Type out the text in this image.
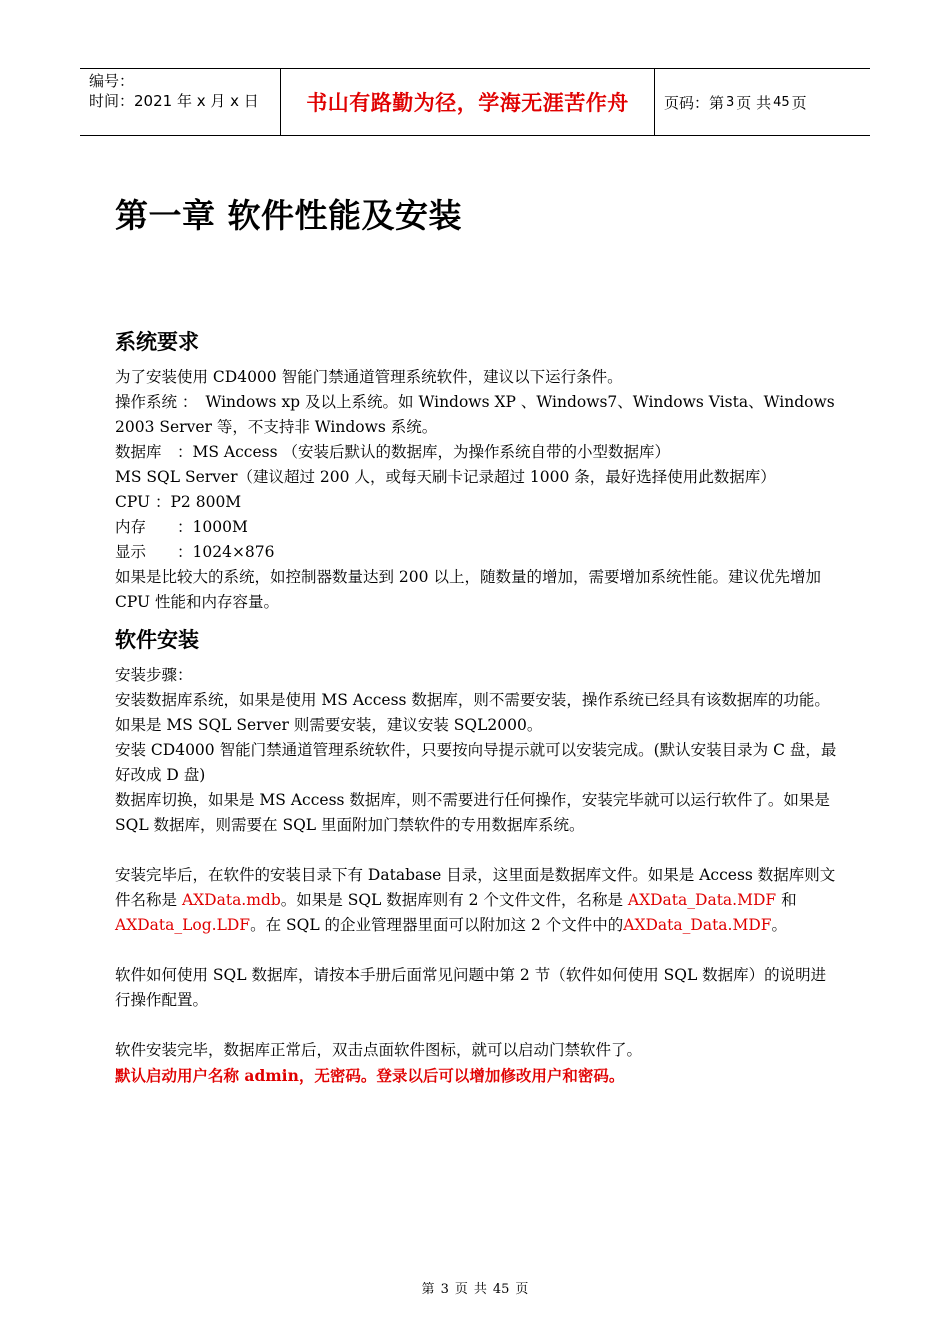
编号：
时间：2021 年 x 月 x 日	书山有路勤为径，学海无涯苦作舟	页码：第 3 页 共 45 页
第一章 软件性能及安装
系统要求

为了安装使用 CD4000 智能门禁通道管理系统软件，建议以下运行条件。

操作系统 ： Windows xp 及以上系统。如 Windows XP 、Windows7、Windows Vista、Windows 2003 Server 等，不支持非 Windows 系统。

数据库 ：MS Access （安装后默认的数据库，为操作系统自带的小型数据库）

MS SQL Server（建议超过 200 人，或每天刷卡记录超过 1000 条，最好选择使用此数据库）

CPU ：P2 800M

内存 ：1000M

显示 ：1024×876

如果是比较大的系统，如控制器数量达到 200 以上，随数量的增加，需要增加系统性能。建议优先增加 CPU 性能和内存容量。

软件安装

安装步骤：

安装数据库系统，如果是使用 MS Access 数据库，则不需要安装，操作系统已经具有该数据库的功能。如果是 MS SQL Server 则需要安装，建议安装 SQL2000。

安装 CD4000 智能门禁通道管理系统软件，只要按向导提示就可以安装完成。(默认安装目录为 C 盘，最好改成 D 盘)

数据库切换，如果是 MS Access 数据库，则不需要进行任何操作，安装完毕就可以运行软件了。如果是 SQL 数据库，则需要在 SQL 里面附加门禁软件的专用数据库系统。

安装完毕后，在软件的安装目录下有 Database 目录，这里面是数据库文件。如果是 Access 数据库则文件名称是 AXData.mdb。如果是 SQL 数据库则有 2 个文件文件，名称是 AXData_Data.MDF 和 AXData_Log.LDF。在 SQL 的企业管理器里面可以附加这 2 个文件中的AXData_Data.MDF。

软件如何使用 SQL 数据库，请按本手册后面常见问题中第 2 节（软件如何使用 SQL 数据库）的说明进行操作配置。

软件安装完毕，数据库正常后，双击点面软件图标，就可以启动门禁软件了。

默认启动用户名称 admin，无密码。登录以后可以增加修改用户和密码。

第 3 页 共 45 页
